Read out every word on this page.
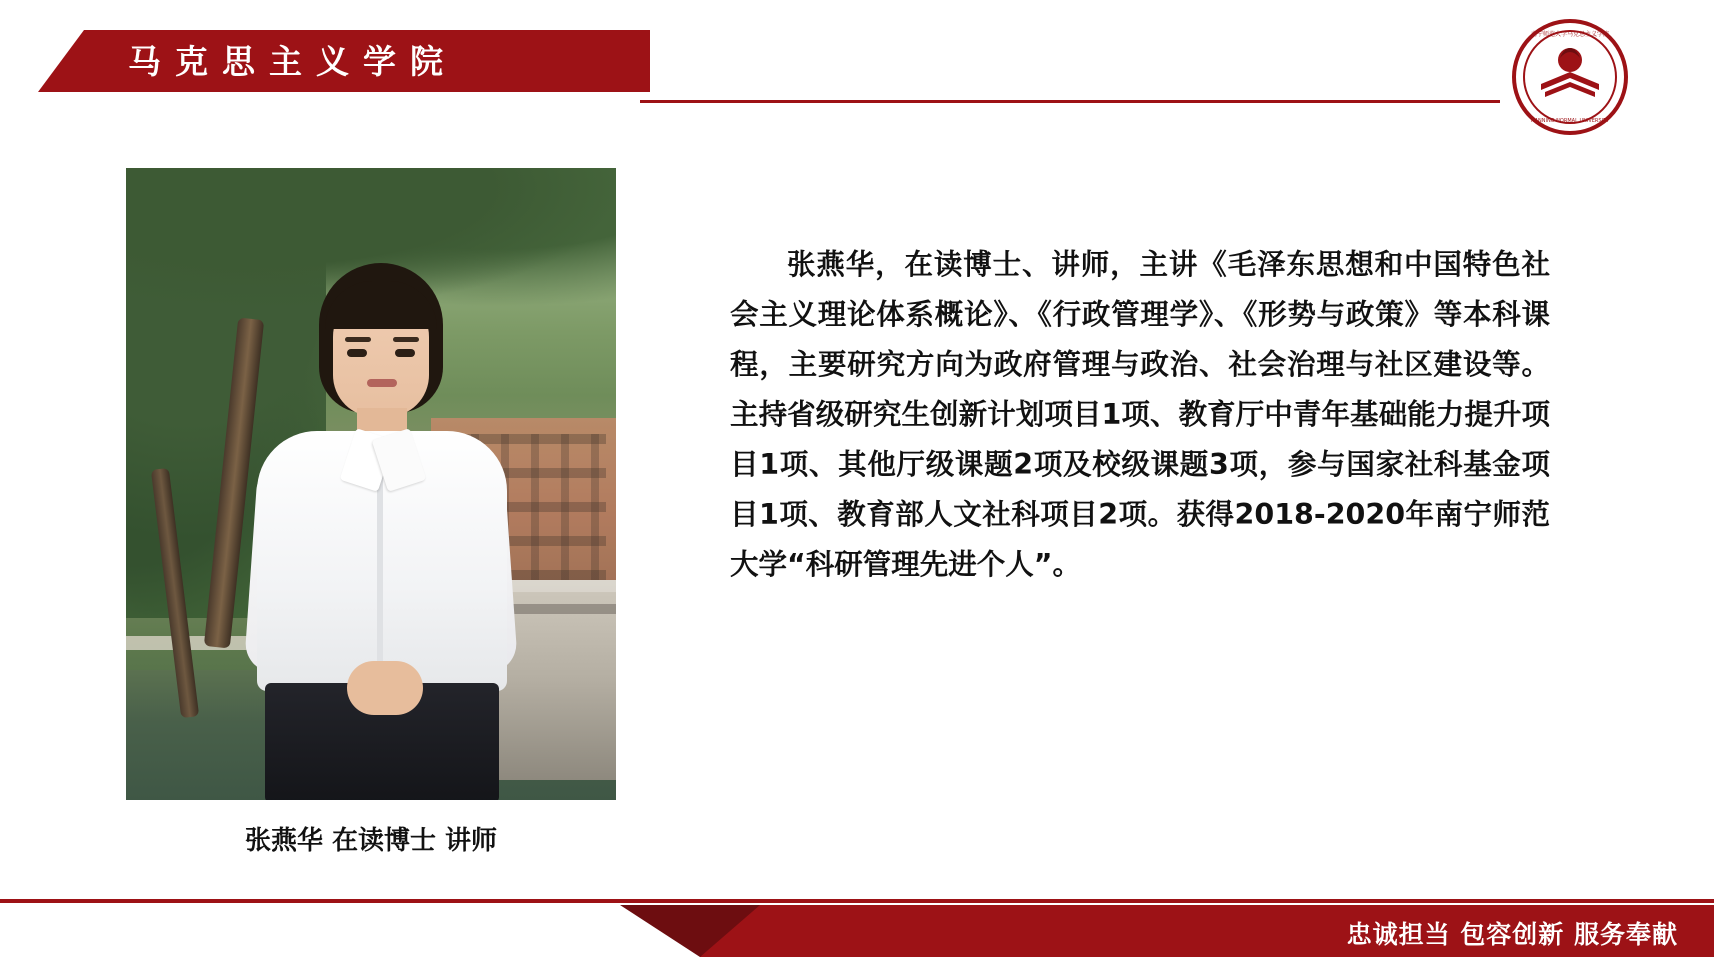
马克思主义学院
南宁师范大学马克思主义学院
NANNING NORMAL UNIVERSITY
张燕华 在读博士 讲师
张燕华，在读博士、讲师，主讲《毛泽东思想和中国特色社会主义理论体系概论》、《行政管理学》、《形势与政策》等本科课程，主要研究方向为政府管理与政治、社会治理与社区建设等。主持省级研究生创新计划项目1项、教育厅中青年基础能力提升项目1项、其他厅级课题2项及校级课题3项，参与国家社科基金项目1项、教育部人文社科项目2项。获得2018-2020年南宁师范大学“科研管理先进个人”。
忠诚担当 包容创新 服务奉献
